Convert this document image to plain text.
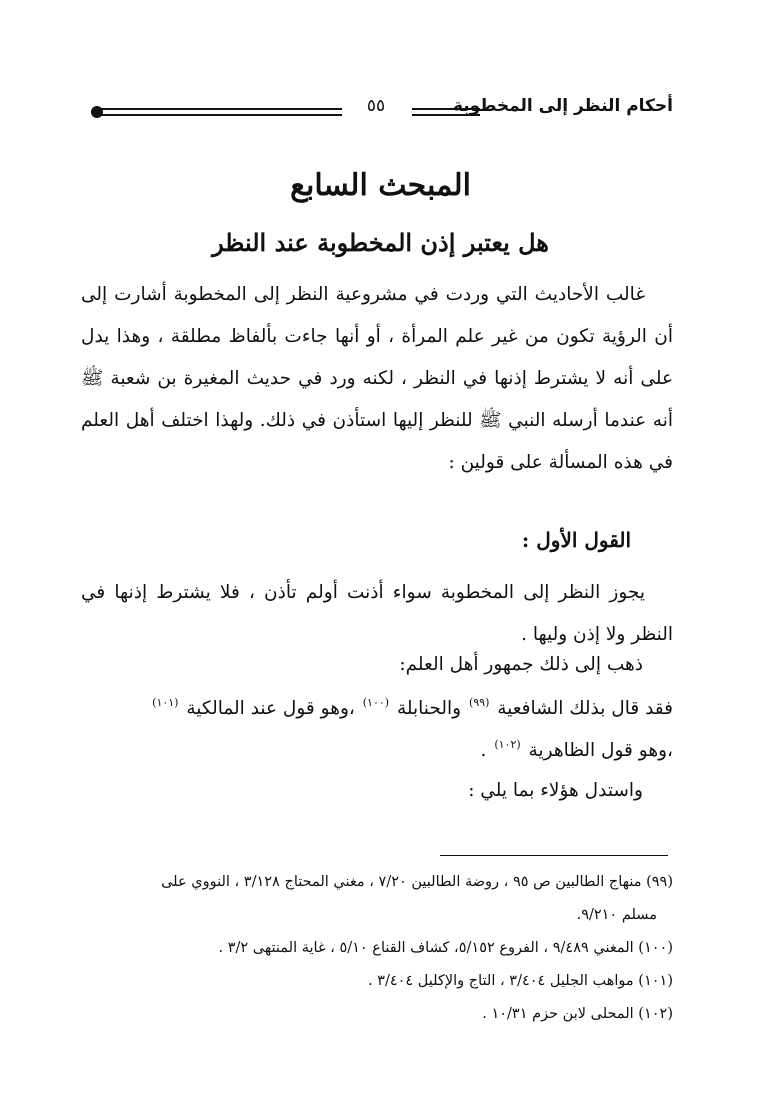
أحكام النظر إلى المخطوبة
٥٥
المبحث السابع
هل يعتبر إذن المخطوبة عند النظر

غالب الأحاديث التي وردت في مشروعية النظر إلى المخطوبة أشارت إلى أن الرؤية تكون من غير علم المرأة ، أو أنها جاءت بألفاظ مطلقة ، وهذا يدل على أنه لا يشترط إذنها في النظر ، لكنه ورد في حديث المغيرة بن شعبة ﷺ أنه عندما أرسله النبي ﷺ للنظر إليها استأذن في ذلك. ولهذا اختلف أهل العلم في هذه المسألة على قولين :

القول الأول :

يجوز النظر إلى المخطوبة سواء أذنت أولم تأذن ، فلا يشترط إذنها في النظر ولا إذن وليها .

ذهب إلى ذلك جمهور أهل العلم:
فقد قال بذلك الشافعية $^{(٩٩)}$ والحنابلة $^{(١٠٠)}$ ،وهو قول عند المالكية $^{(١٠١)}$
،وهو قول الظاهرية $^{(١٠٢)}$ .
واستدل هؤلاء بما يلي :
(٩٩) منهاج الطالبين ص ٩٥ ، روضة الطالبين ٧/٢٠ ، مغني المحتاج ٣/١٢٨ ، النووي على
مسلم ٩/٢١٠.
(١٠٠) المغني ٩/٤٨٩ ، الفروع ٥/١٥٢، كشاف القناع ٥/١٠ ، غاية المنتهى ٣/٢ .
(١٠١) مواهب الجليل ٣/٤٠٤ ، التاج والإكليل ٣/٤٠٤ .
(١٠٢) المحلى لابن حزم ١٠/٣١ .
